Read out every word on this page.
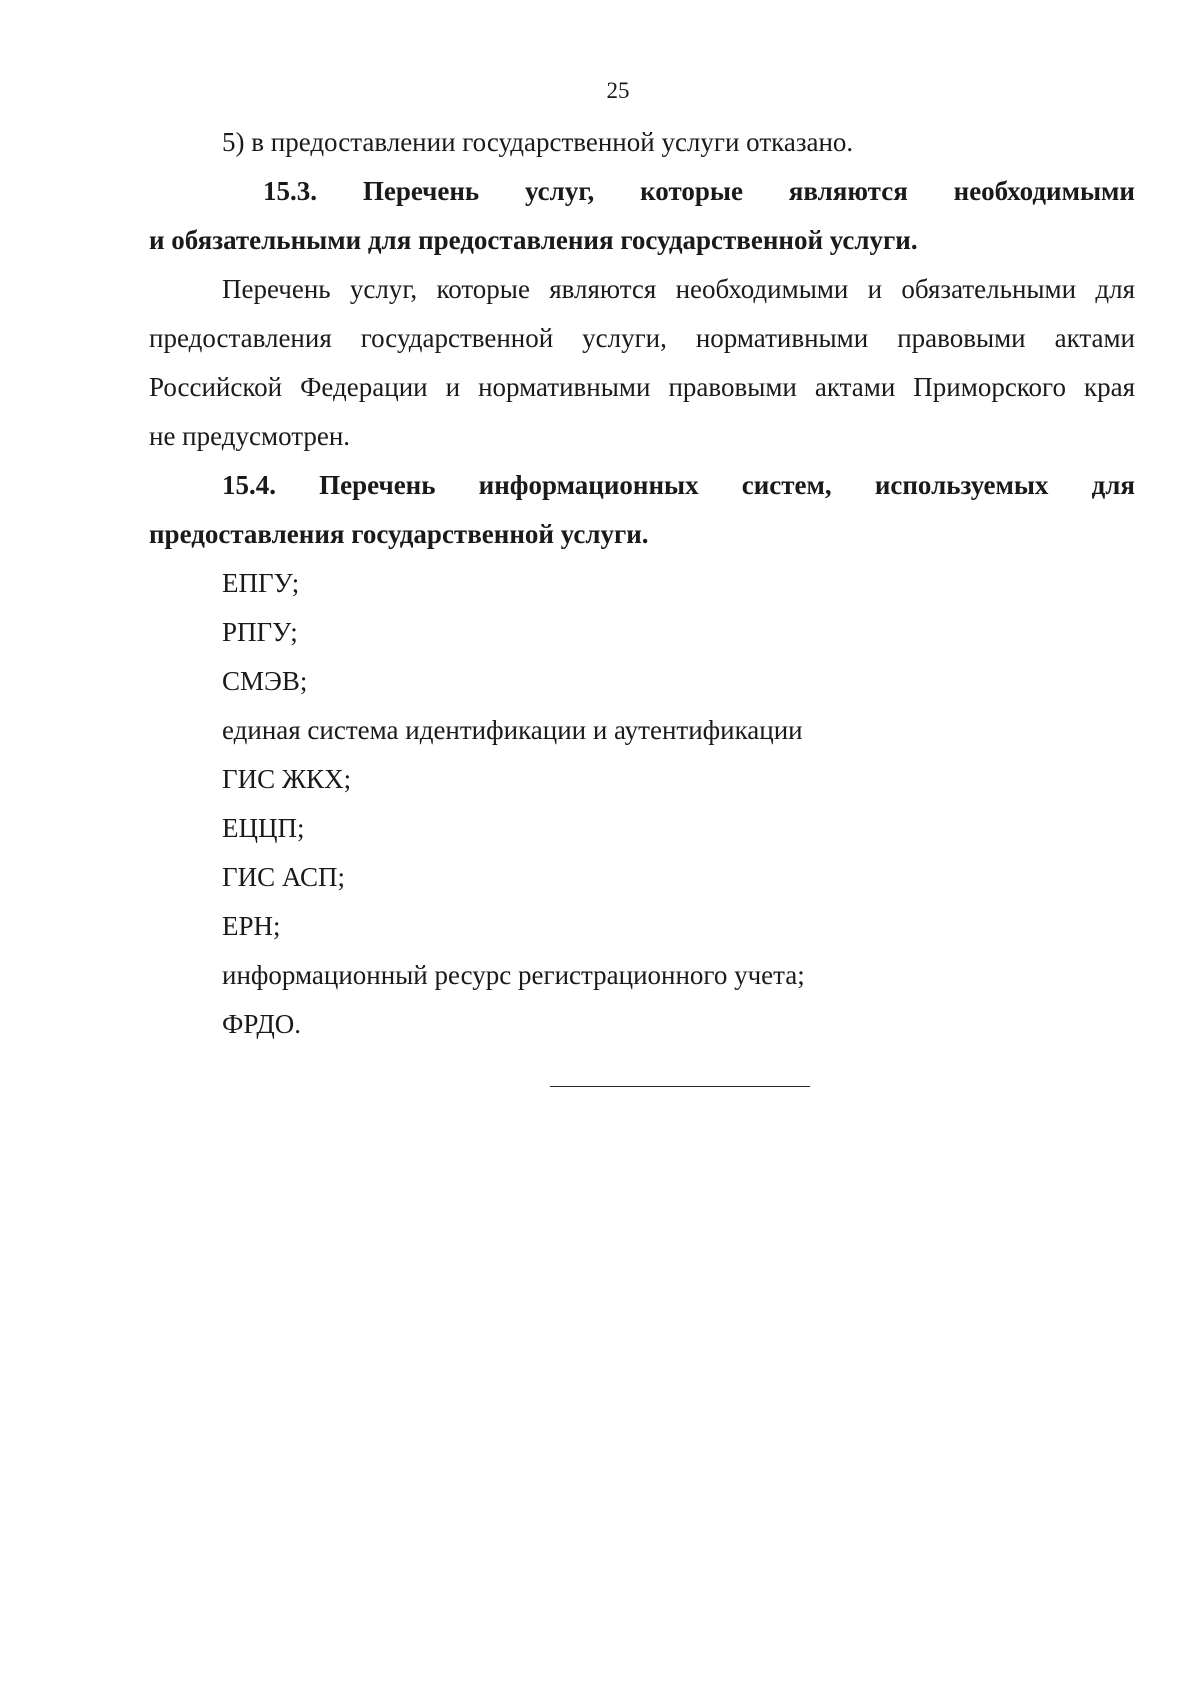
25

5) в предоставлении государственной услуги отказано.

15.3. Перечень услуг, которые являются необходимыми

и обязательными для предоставления государственной услуги.

Перечень услуг, которые являются необходимыми и обязательными для

предоставления государственной услуги, нормативными правовыми актами

Российской Федерации и нормативными правовыми актами Приморского края

не предусмотрен.

15.4. Перечень информационных систем, используемых для

предоставления государственной услуги.

ЕПГУ;

РПГУ;

СМЭВ;

единая система идентификации и аутентификации

ГИС ЖКХ;

ЕЦЦП;

ГИС АСП;

ЕРН;

информационный ресурс регистрационного учета;

ФРДО.
